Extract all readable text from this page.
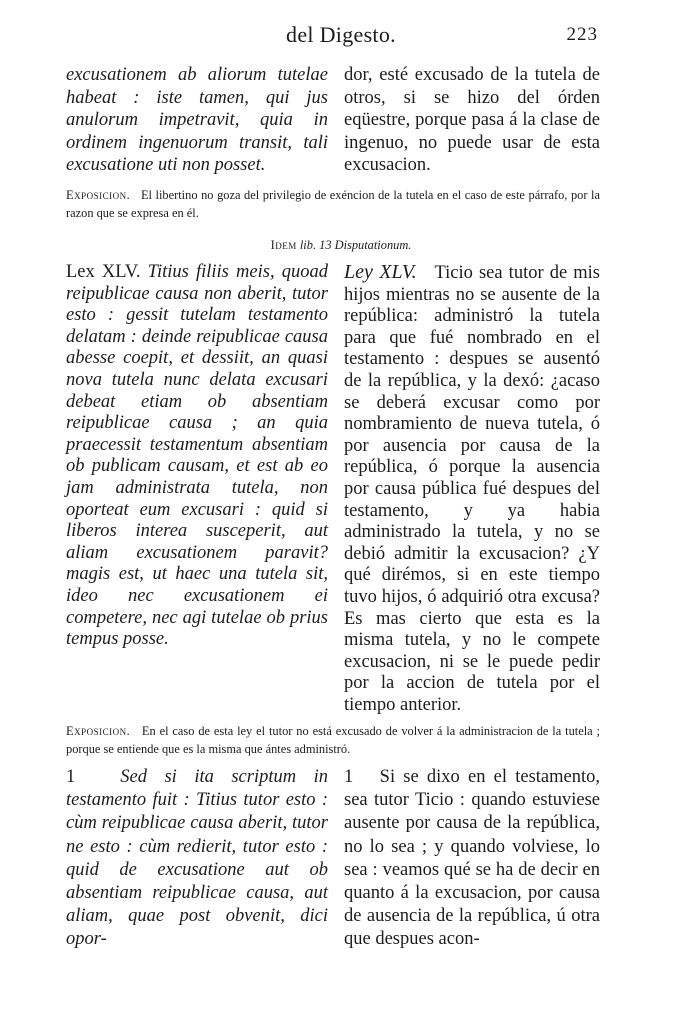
del Digesto.	223

excusationem ab aliorum tutelae habeat : iste tamen, qui jus anulorum impetravit, quia in ordinem ingenuorum transit, tali excusatione uti non posset.

dor, esté excusado de la tutela de otros, si se hizo del órden eqüestre, porque pasa á la clase de ingenuo, no puede usar de esta excusacion.

Exposicion. El libertino no goza del privilegio de exéncion de la tutela en el caso de este párrafo, por la razon que se expresa en él.
Idem lib. 13 Disputationum.

Lex XLV. Titius filiis meis, quoad reipublicae causa non aberit, tutor esto : gessit tutelam testamento delatam : deinde reipublicae causa abesse coepit, et dessiit, an quasi nova tutela nunc delata excusari debeat etiam ob absentiam reipublicae causa ; an quia praecessit testamentum absentiam ob publicam causam, et est ab eo jam administrata tutela, non oporteat eum excusari : quid si liberos interea susceperit, aut aliam excusationem paravit? magis est, ut haec una tutela sit, ideo nec excusationem ei competere, nec agi tutelae ob prius tempus posse.

Ley XLV. Ticio sea tutor de mis hijos mientras no se ausente de la república: administró la tutela para que fué nombrado en el testamento : despues se ausentó de la república, y la dexó: ¿acaso se deberá excusar como por nombramiento de nueva tutela, ó por ausencia por causa de la república, ó porque la ausencia por causa pública fué despues del testamento, y ya habia administrado la tutela, y no se debió admitir la excusacion? ¿Y qué dirémos, si en este tiempo tuvo hijos, ó adquirió otra excusa? Es mas cierto que esta es la misma tutela, y no le compete excusacion, ni se le puede pedir por la accion de tutela por el tiempo anterior.

Exposicion. En el caso de esta ley el tutor no está excusado de volver á la administracion de la tutela ; porque se entiende que es la misma que ántes administró.

1 Sed si ita scriptum in testamento fuit : Titius tutor esto : cùm reipublicae causa aberit, tutor ne esto : cùm redierit, tutor esto : quid de excusatione aut ob absentiam reipublicae causa, aut aliam, quae post obvenit, dici opor-

1 Si se dixo en el testamento, sea tutor Ticio : quando estuviese ausente por causa de la república, no lo sea ; y quando volviese, lo sea : veamos qué se ha de decir en quanto á la excusacion, por causa de ausencia de la república, ú otra que despues acon-
